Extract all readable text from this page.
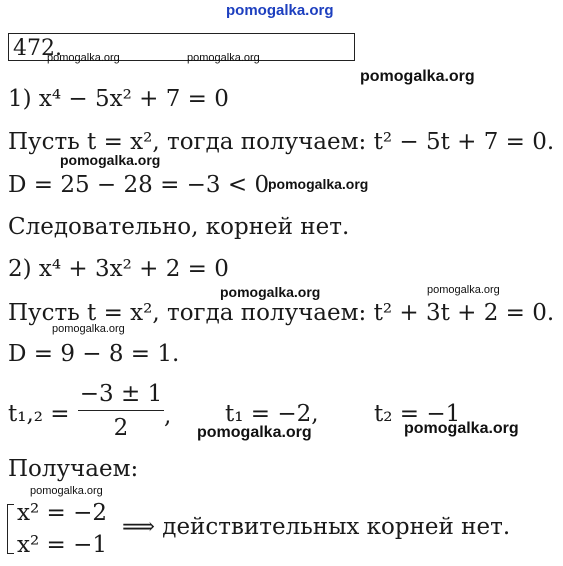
pomogalka.org
472.
pomogalka.org	pomogalka.org
pomogalka.org
1) x⁴ − 5x² + 7 = 0
Пусть t = x², тогда получаем: t² − 5t + 7 = 0.
pomogalka.org
D = 25 − 28 = −3 < 0
pomogalka.org
Следовательно, корней нет.
2) x⁴ + 3x² + 2 = 0
pomogalka.org	pomogalka.org
Пусть t = x², тогда получаем: t² + 3t + 2 = 0.
pomogalka.org
D = 9 − 8 = 1.
t₁,₂ =
−3 ± 1
2	, t₁ = −2, t₂ = −1
pomogalka.org	pomogalka.org
Получаем:
pomogalka.org
x² = −2
x² = −1
⟹ действительных корней нет.
